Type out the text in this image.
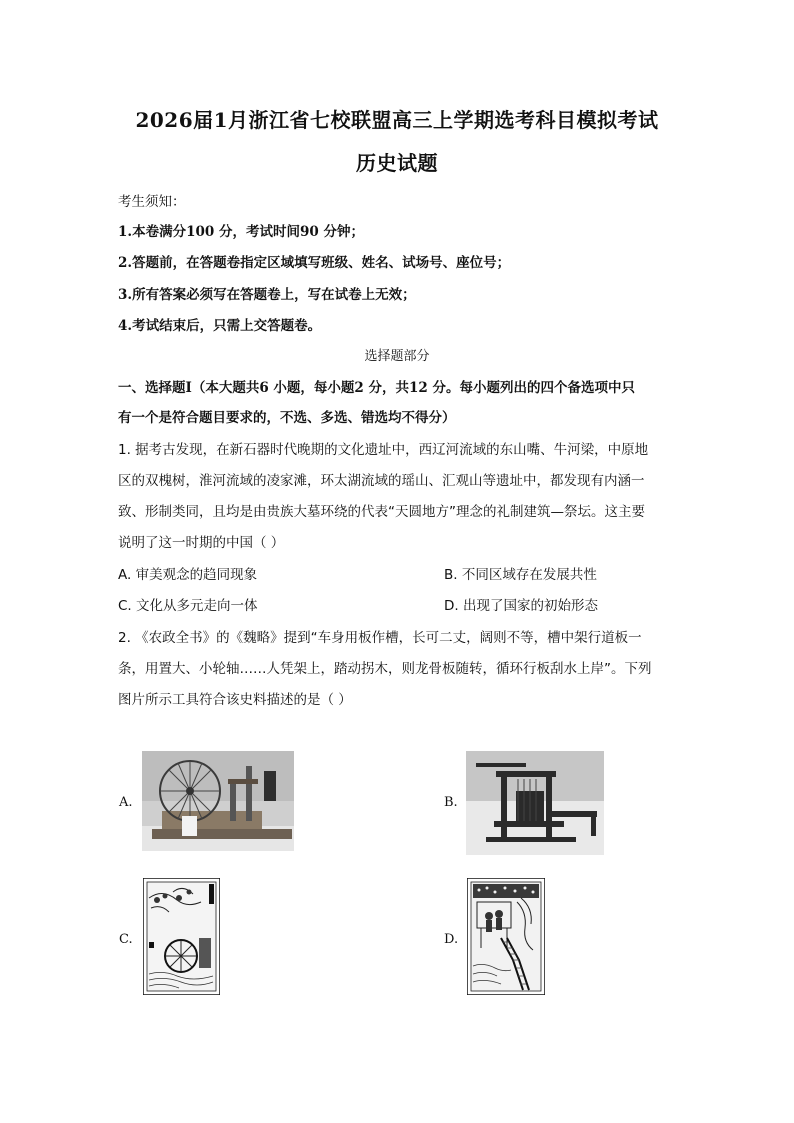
2026届1月浙江省七校联盟高三上学期选考科目模拟考试
历史试题
考生须知：
1.本卷满分100 分，考试时间90 分钟；
2.答题前，在答题卷指定区域填写班级、姓名、试场号、座位号；
3.所有答案必须写在答题卷上，写在试卷上无效；
4.考试结束后，只需上交答题卷。
选择题部分
一、选择题Ⅰ（本大题共6 小题，每小题2 分，共12 分。每小题列出的四个备选项中只
有一个是符合题目要求的，不选、多选、错选均不得分）
1. 据考古发现，在新石器时代晚期的文化遗址中，西辽河流域的东山嘴、牛河梁，中原地
区的双槐树，淮河流域的凌家滩，环太湖流域的瑶山、汇观山等遗址中，都发现有内涵一
致、形制类同，且均是由贵族大墓环绕的代表“天圆地方”理念的礼制建筑—祭坛。这主要
说明了这一时期的中国（ ）
A. 审美观念的趋同现象	B. 不同区域存在发展共性
C. 文化从多元走向一体	D. 出现了国家的初始形态
2. 《农政全书》的《魏略》提到“车身用板作槽，长可二丈，阔则不等，槽中架行道板一
条，用置大、小轮轴……人凭架上，踏动拐木，则龙骨板随转，循环行板刮水上岸”。下列
图片所示工具符合该史料描述的是（ ）
A.	B.
C.	D.
